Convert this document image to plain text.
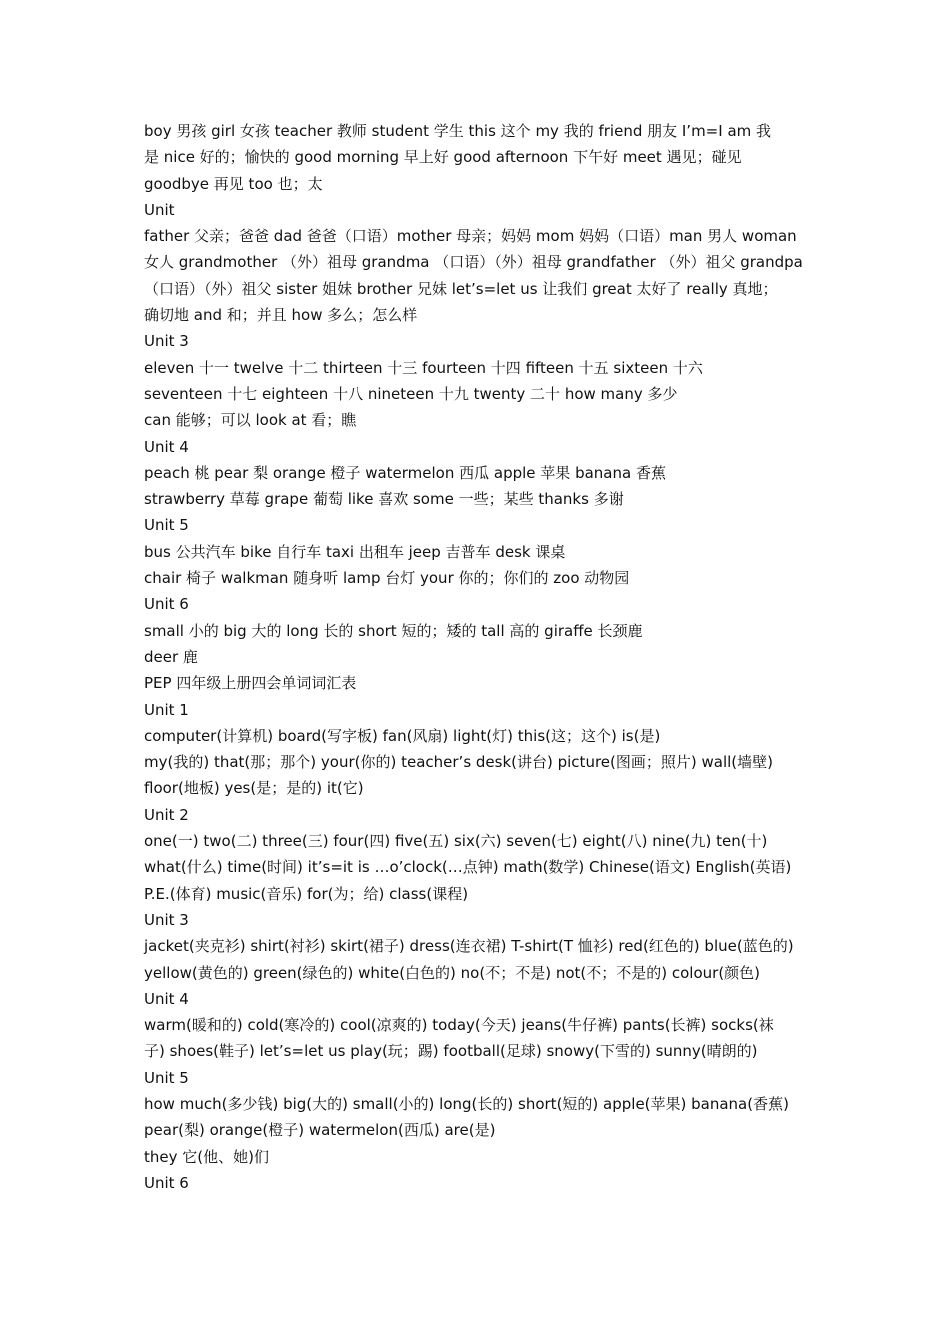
boy 男孩 girl 女孩 teacher 教师 student 学生 this 这个 my 我的 friend 朋友 I’m=I am 我
是 nice 好的；愉快的 good morning 早上好 good afternoon 下午好 meet 遇见；碰见
goodbye 再见 too 也；太
Unit
father 父亲；爸爸 dad 爸爸（口语）mother 母亲；妈妈 mom 妈妈（口语）man 男人 woman
女人 grandmother （外）祖母 grandma （口语）（外）祖母 grandfather （外）祖父 grandpa
（口语）（外）祖父 sister 姐妹 brother 兄妹 let’s=let us 让我们 great 太好了 really 真地；
确切地 and 和；并且 how 多么；怎么样
Unit 3
eleven 十一 twelve 十二 thirteen 十三 fourteen 十四 fifteen 十五 sixteen 十六
seventeen 十七 eighteen 十八 nineteen 十九 twenty 二十 how many 多少
can 能够；可以 look at 看；瞧
Unit 4
peach 桃 pear 梨 orange 橙子 watermelon 西瓜 apple 苹果 banana 香蕉
strawberry 草莓 grape 葡萄 like 喜欢 some 一些；某些 thanks 多谢
Unit 5
bus 公共汽车 bike 自行车 taxi 出租车 jeep 吉普车 desk 课桌
chair 椅子 walkman 随身听 lamp 台灯 your 你的；你们的 zoo 动物园
Unit 6
small 小的 big 大的 long 长的 short 短的；矮的 tall 高的 giraffe 长颈鹿
deer 鹿
PEP 四年级上册四会单词词汇表
Unit 1
computer(计算机) board(写字板) fan(风扇) light(灯) this(这；这个) is(是)
my(我的) that(那；那个) your(你的) teacher’s desk(讲台) picture(图画；照片) wall(墙壁)
floor(地板) yes(是；是的) it(它)
Unit 2
one(一) two(二) three(三) four(四) five(五) six(六) seven(七) eight(八) nine(九) ten(十)
what(什么) time(时间) it’s=it is …o’clock(…点钟) math(数学) Chinese(语文) English(英语)
P.E.(体育) music(音乐) for(为；给) class(课程)
Unit 3
jacket(夹克衫) shirt(衬衫) skirt(裙子) dress(连衣裙) T-shirt(T 恤衫) red(红色的) blue(蓝色的)
yellow(黄色的) green(绿色的) white(白色的) no(不；不是) not(不；不是的) colour(颜色)
Unit 4
warm(暖和的) cold(寒冷的) cool(凉爽的) today(今天) jeans(牛仔裤) pants(长裤) socks(袜
子) shoes(鞋子) let’s=let us play(玩；踢) football(足球) snowy(下雪的) sunny(晴朗的)
Unit 5
how much(多少钱) big(大的) small(小的) long(长的) short(短的) apple(苹果) banana(香蕉)
pear(梨) orange(橙子) watermelon(西瓜) are(是)
they 它(他、她)们
Unit 6
